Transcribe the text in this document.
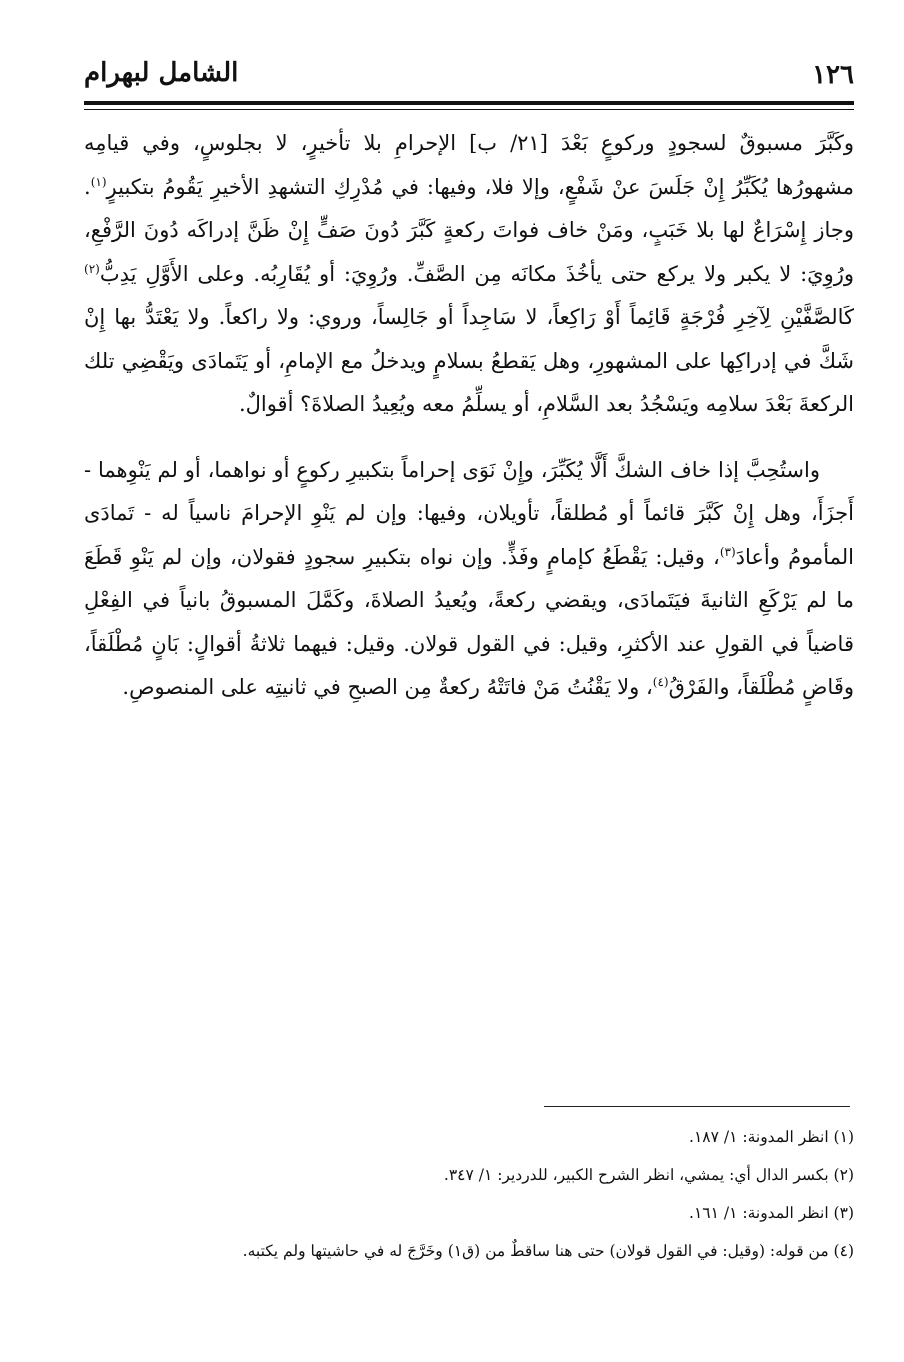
١٢٦
الشامل لبهرام

وكَبَّرَ مسبوقٌ لسجودٍ وركوعٍ بَعْدَ [٢١/ ب] الإحرامِ بلا تأخيرٍ، لا بجلوسٍ، وفي قيامِه مشهورُها يُكَبِّرُ إِنْ جَلَسَ عنْ شَفْعٍ، وإلا فلا، وفيها: في مُدْرِكِ التشهدِ الأخيرِ يَقُومُ بتكبيرٍ$^{(١)}$. وجاز إِسْرَاعٌ لها بلا خَبَبٍ، ومَنْ خاف فواتَ ركعةٍ كَبَّرَ دُونَ صَفٍّ إِنْ ظَنَّ إدراكَه دُونَ الرَّفْعِ، ورُوِيَ: لا يكبر ولا يركع حتى يأخُذَ مكانَه مِن الصَّفِّ. ورُوِيَ: أو يُقَارِبُه. وعلى الأَوَّلِ يَدِبُّ$^{(٢)}$ كَالصَّفَّيْنِ لِآخِرِ فُرْجَةٍ قَائِماً أَوْ رَاكِعاً، لا سَاجِداً أو جَالِساً، وروي: ولا راكعاً. ولا يَعْتَدُّ بها إِنْ شَكَّ في إدراكِها على المشهورِ، وهل يَقطعُ بسلامٍ ويدخلُ مع الإمامِ، أو يَتَمادَى ويَقْضِي تلك الركعةَ بَعْدَ سلامِه ويَسْجُدُ بعد السَّلامِ، أو يسلِّمُ معه ويُعِيدُ الصلاةَ؟ أقوالٌ.

واستُحِبَّ إذا خاف الشكَّ أَلَّا يُكَبِّرَ، وإِنْ نَوَى إحراماً بتكبيرِ ركوعٍ أو نواهما، أو لم يَنْوِهما - أَجزَأَ، وهل إِنْ كَبَّرَ قائماً أو مُطلقاً، تأويلان، وفيها: وإن لم يَنْوِ الإحرامَ ناسياً له - تَمادَى المأمومُ وأعادَ$^{(٣)}$، وقيل: يَقْطَعُ كإمامٍ وفَذٍّ. وإن نواه بتكبيرِ سجودٍ فقولان، وإن لم يَنْوِ قَطَعَ ما لم يَرْكَعِ الثانيةَ فيَتَمادَى، ويقضي ركعةً، ويُعيدُ الصلاةَ، وكَمَّلَ المسبوقُ بانياً في الفِعْلِ قاضياً في القولِ عند الأكثرِ، وقيل: في القول قولان. وقيل: فيهما ثلاثةُ أقوالٍ: بَانٍ مُطْلَقاً، وقَاضٍ مُطْلَقاً، والفَرْقُ$^{(٤)}$، ولا يَقْنُتُ مَنْ فاتَتْهُ ركعةٌ مِن الصبحِ في ثانيتِه على المنصوصِ.

(١) انظر المدونة: ١/ ١٨٧.

(٢) بكسر الدال أي: يمشي، انظر الشرح الكبير، للدردير: ١/ ٣٤٧.

(٣) انظر المدونة: ١/ ١٦١.

(٤) من قوله: (وقيل: في القول قولان) حتى هنا ساقطٌ من (ق١) وخَرَّجَ له في حاشيتها ولم يكتبه.
